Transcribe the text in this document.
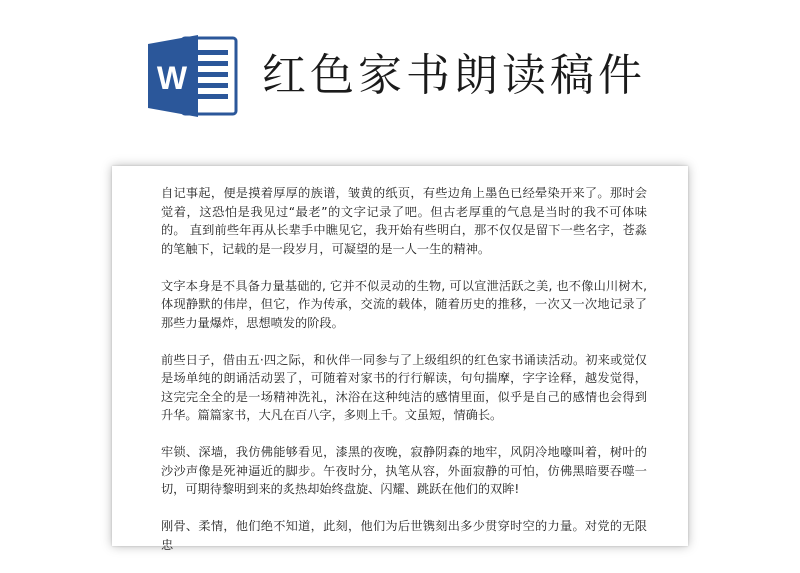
W 红色家书朗读稿件

自记事起，便是摸着厚厚的族谱，皱黄的纸页，有些边角上墨色已经晕染开来了。那时会觉着，这恐怕是我见过“最老”的文字记录了吧。但古老厚重的气息是当时的我不可体味的。 直到前些年再从长辈手中瞧见它，我开始有些明白，那不仅仅是留下一些名字，苍淼的笔触下，记载的是一段岁月，可凝望的是一人一生的精神。

文字本身是不具备力量基础的, 它并不似灵动的生物, 可以宣泄活跃之美, 也不像山川树木, 体现静默的伟岸，但它，作为传承，交流的载体，随着历史的推移，一次又一次地记录了那些力量爆炸，思想喷发的阶段。

前些日子，借由五·四之际，和伙伴一同参与了上级组织的红色家书诵读活动。初来或觉仅是场单纯的朗诵活动罢了，可随着对家书的行行解读，句句揣摩，字字诠释，越发觉得，这完完全全的是一场精神洗礼，沐浴在这种纯洁的感情里面，似乎是自己的感情也会得到升华。篇篇家书，大凡在百八字，多则上千。文虽短，情确长。

牢锁、深墙，我仿佛能够看见，漆黑的夜晚，寂静阴森的地牢，风阴冷地嚎叫着，树叶的沙沙声像是死神逼近的脚步。午夜时分，执笔从容，外面寂静的可怕，仿佛黑暗要吞噬一切，可期待黎明到来的炙热却始终盘旋、闪耀、跳跃在他们的双眸!

刚骨、柔情，他们绝不知道，此刻，他们为后世镌刻出多少贯穿时空的力量。对党的无限忠
